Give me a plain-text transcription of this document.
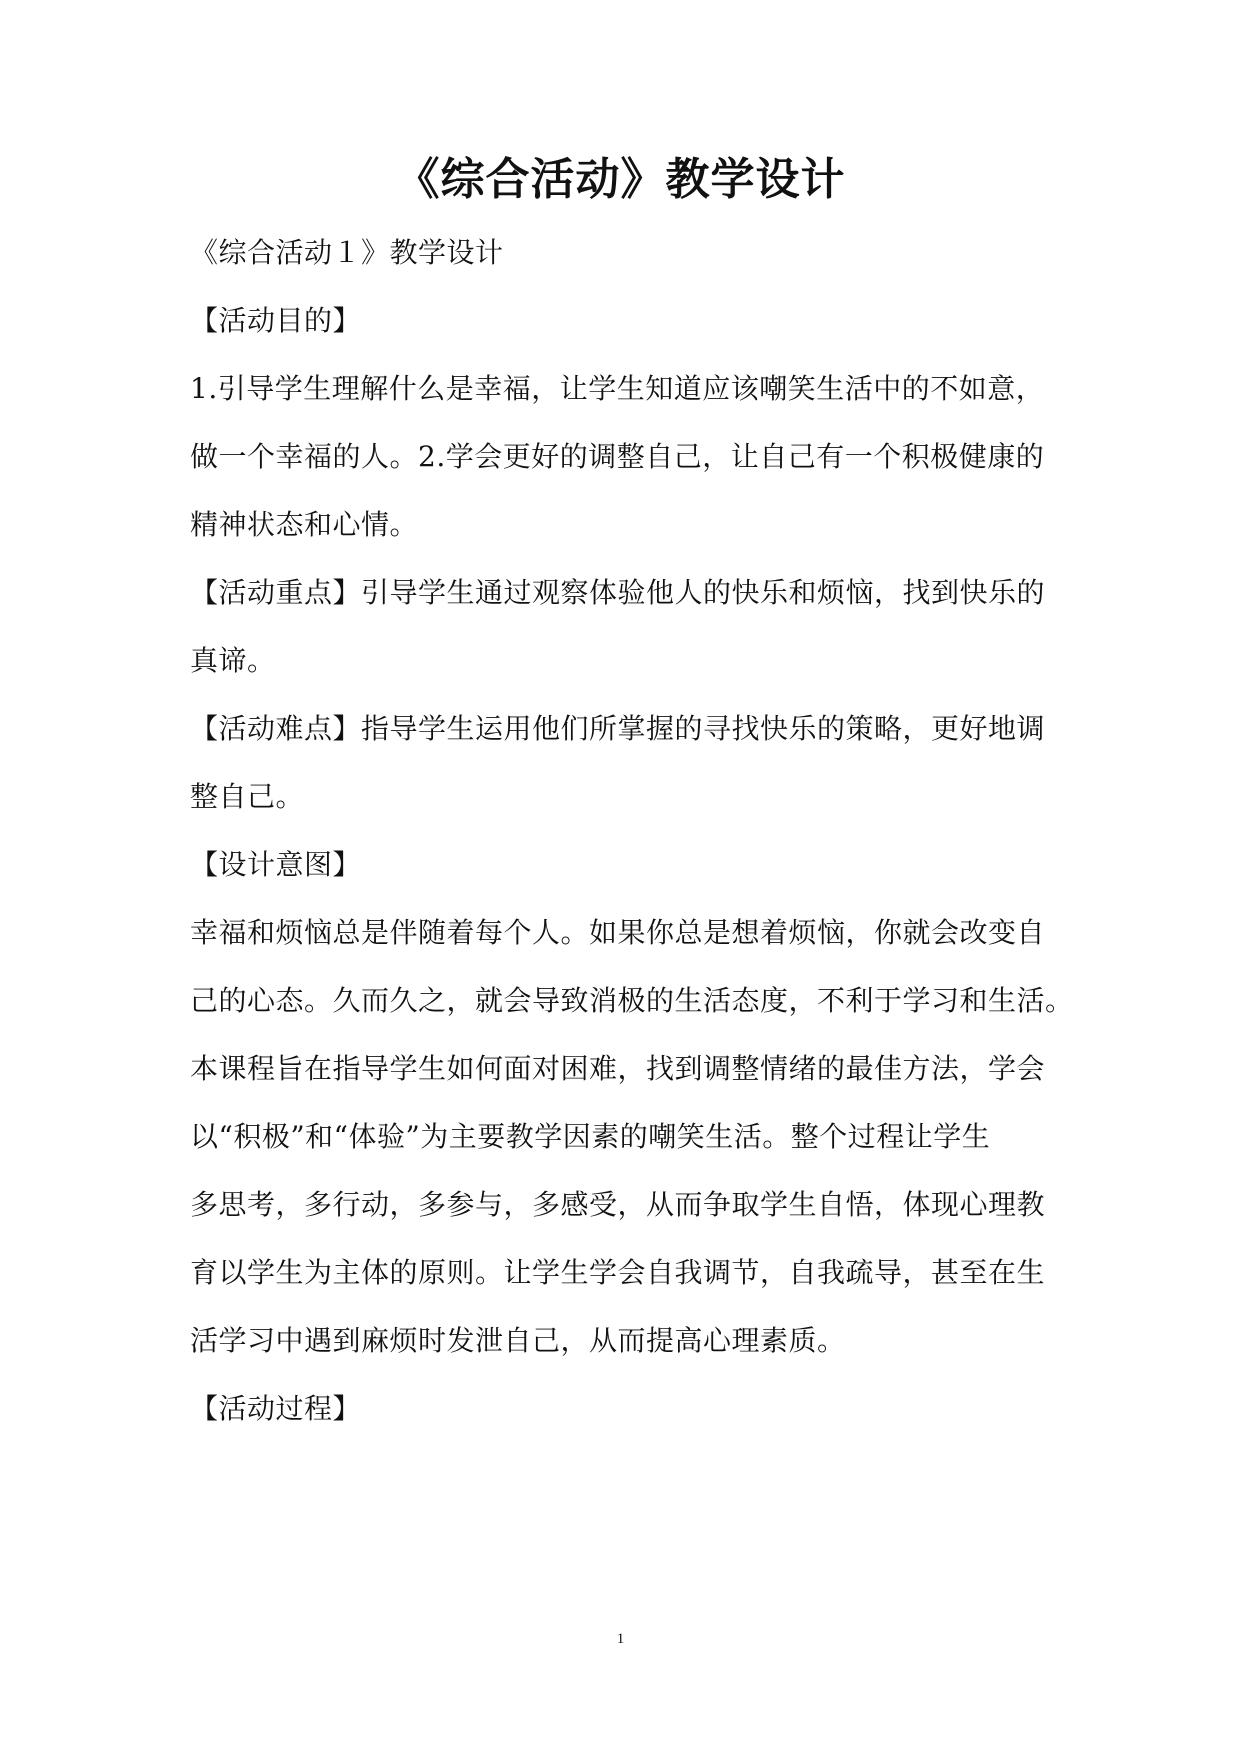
《综合活动》教学设计
《综合活动１》教学设计
【活动目的】
1.引导学生理解什么是幸福，让学生知道应该嘲笑生活中的不如意，
做一个幸福的人。2.学会更好的调整自己，让自己有一个积极健康的
精神状态和心情。
【活动重点】引导学生通过观察体验他人的快乐和烦恼，找到快乐的
真谛。
【活动难点】指导学生运用他们所掌握的寻找快乐的策略，更好地调
整自己。
【设计意图】
幸福和烦恼总是伴随着每个人。如果你总是想着烦恼，你就会改变自
己的心态。久而久之，就会导致消极的生活态度，不利于学习和生活。
本课程旨在指导学生如何面对困难，找到调整情绪的最佳方法，学会
以“积极”和“体验”为主要教学因素的嘲笑生活。整个过程让学生
多思考，多行动，多参与，多感受，从而争取学生自悟，体现心理教
育以学生为主体的原则。让学生学会自我调节，自我疏导，甚至在生
活学习中遇到麻烦时发泄自己，从而提高心理素质。
【活动过程】
1
